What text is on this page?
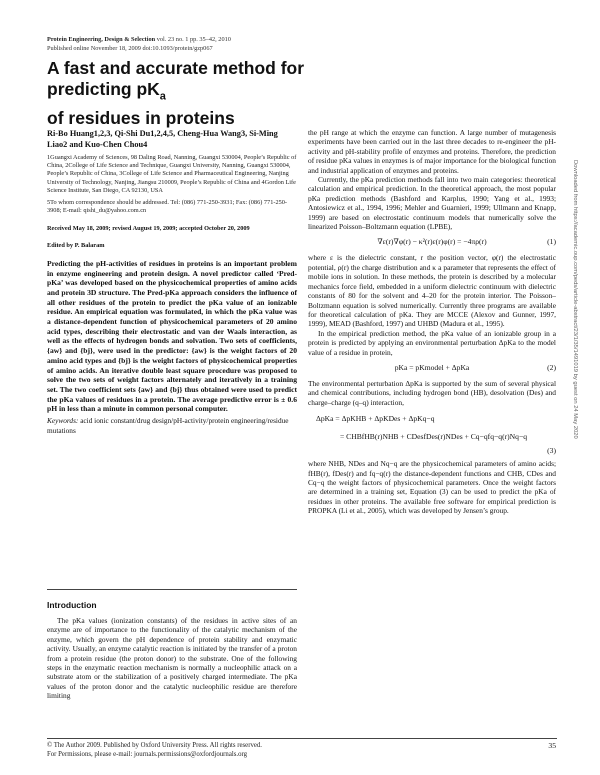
Protein Engineering, Design & Selection vol. 23 no. 1 pp. 35–42, 2010
Published online November 18, 2009 doi:10.1093/protein/gzp067
A fast and accurate method for predicting $pK_a$
of residues in proteins
Ri-Bo Huang1,2,3, Qi-Shi Du1,2,4,5, Cheng-Hua Wang3, Si-Ming Liao2 and Kuo-Chen Chou4
1Guangxi Academy of Sciences, 98 Daling Road, Nanning, Guangxi 530004, People’s Republic of China, 2College of Life Science and Technique, Guangxi University, Nanning, Guangxi 530004, People’s Republic of China, 3College of Life Science and Pharmaceutical Engineering, Nanjing University of Technology, Nanjing, Jiangsu 210009, People’s Republic of China and 4Gordon Life Science Institute, San Diego, CA 92130, USA
5To whom correspondence should be addressed. Tel: (086) 771-250-3931; Fax: (086) 771-250-3908; E-mail: qishi_du@yahoo.com.cn
Received May 18, 2009; revised August 19, 2009; accepted October 20, 2009
Edited by P. Balaram
Predicting the pH-activities of residues in proteins is an important problem in enzyme engineering and protein design. A novel predictor called ‘Pred-pKa’ was developed based on the physicochemical properties of amino acids and protein 3D structure. The Pred-pKa approach considers the influence of all other residues of the protein to predict the pKa value of an ionizable residue. An empirical equation was formulated, in which the pKa value was a distance-dependent function of physicochemical parameters of 20 amino acid types, describing their electrostatic and van der Waals interaction, as well as the effects of hydrogen bonds and solvation. Two sets of coefficients, {aw} and {bj}, were used in the predictor: {aw} is the weight factors of 20 amino acid types and {bj} is the weight factors of physicochemical properties of amino acids. An iterative double least square procedure was proposed to solve the two sets of weight factors alternately and iteratively in a training set. The two coefficient sets {aw} and {bj} thus obtained were used to predict the pKa values of residues in a protein. The average predictive error is ± 0.6 pH in less than a minute in common personal computer.
Keywords: acid ionic constant/drug design/pH-activity/protein engineering/residue mutations
Introduction
The pKa values (ionization constants) of the residues in active sites of an enzyme are of importance to the functionality of the catalytic mechanism of the enzyme, which govern the pH dependence of protein stability and enzymatic activity. Usually, an enzyme catalytic reaction is initiated by the transfer of a proton from a protein residue (the proton donor) to the substrate. One of the following steps in the enzymatic reaction mechanism is normally a nucleophilic attack on a substrate atom or the stabilization of a positively charged intermediate. The pKa values of the proton donor and the catalytic nucleophilic residue are therefore limiting

the pH range at which the enzyme can function. A large number of mutagenesis experiments have been carried out in the last three decades to re-engineer the pH-activity and pH-stability profile of enzymes and proteins. Therefore, the prediction of residue pKa values in enzymes is of major importance for the biological function and industrial application of enzymes and proteins.

Currently, the pKa prediction methods fall into two main categories: theoretical calculation and empirical prediction. In the theoretical approach, the most popular pKa prediction methods (Bashford and Karplus, 1990; Yang et al., 1993; Antosiewicz et al., 1994, 1996; Mehler and Guarnieri, 1999; Ullmann and Knapp, 1999) are based on electrostatic continuum models that numerically solve the linearized Poisson–Boltzmann equation (LPBE),

∇ε(r)∇φ(r) − κ²(r)ε(r)φ(r) = −4πρ(r)	(1)

where ε is the dielectric constant, r the position vector, φ(r) the electrostatic potential, ρ(r) the charge distribution and κ a parameter that represents the effect of mobile ions in solution. In these methods, the protein is described by a molecular mechanics force field, embedded in a uniform dielectric continuum with dielectric constants of 80 for the solvent and 4–20 for the protein interior. The Poisson–Boltzmann equation is solved numerically. Currently three programs are available for theoretical calculation of pKa. They are MCCE (Alexov and Gunner, 1997, 1999), MEAD (Bashford, 1997) and UHBD (Madura et al., 1995).

In the empirical prediction method, the pKa value of an ionizable group in a protein is predicted by applying an environmental perturbation ΔpKa to the model value of a residue in protein,

pKa = pKmodel + ΔpKa	(2)

The environmental perturbation ΔpKa is supported by the sum of several physical and chemical contributions, including hydrogen bond (HB), desolvation (Des) and charge–charge (q–q) interaction,

ΔpKa = ΔpKHB + ΔpKDes + ΔpKq−q
= CHBfHB(r)NHB + CDesfDes(r)NDes + Cq−qfq−q(r)Nq−q
(3)

where NHB, NDes and Nq−q are the physicochemical parameters of amino acids; fHB(r), fDes(r) and fq−q(r) the distance-dependent functions and CHB, CDes and Cq−q the weight factors of physicochemical parameters. Once the weight factors are determined in a training set, Equation (3) can be used to predict the pKa of residues in other proteins. The available free software for empirical prediction is PROPKA (Li et al., 2005), which was developed by Jensen’s group.

© The Author 2009. Published by Oxford University Press. All rights reserved.
For Permissions, please e-mail: journals.permissions@oxfordjournals.org
35
Downloaded from https://academic.oup.com/peds/article-abstract/23/1/35/1491019 by guest on 24 May 2020
